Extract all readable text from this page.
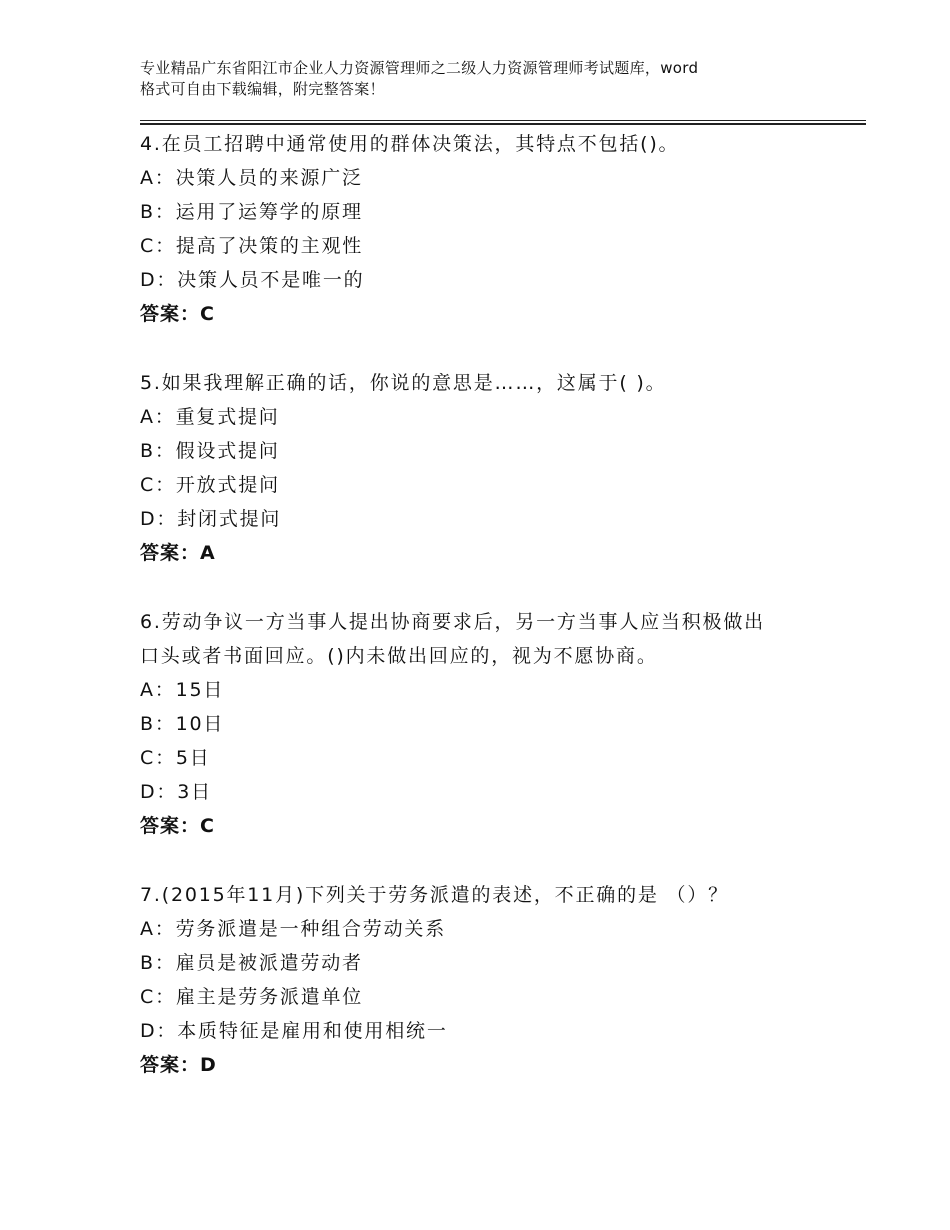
专业精品广东省阳江市企业人力资源管理师之二级人力资源管理师考试题库，word
格式可自由下载编辑，附完整答案！
4.在员工招聘中通常使用的群体决策法，其特点不包括()。
A：决策人员的来源广泛
B：运用了运筹学的原理
C：提高了决策的主观性
D：决策人员不是唯一的
答案：C
5.如果我理解正确的话，你说的意思是……，这属于( )。
A：重复式提问
B：假设式提问
C：开放式提问
D：封闭式提问
答案：A
6.劳动争议一方当事人提出协商要求后，另一方当事人应当积极做出
口头或者书面回应。()内未做出回应的，视为不愿协商。
A：15日
B：10日
C：5日
D：3日
答案：C
7.(2015年11月)下列关于劳务派遣的表述，不正确的是 （）？
A：劳务派遣是一种组合劳动关系
B：雇员是被派遣劳动者
C：雇主是劳务派遣单位
D：本质特征是雇用和使用相统一
答案：D
